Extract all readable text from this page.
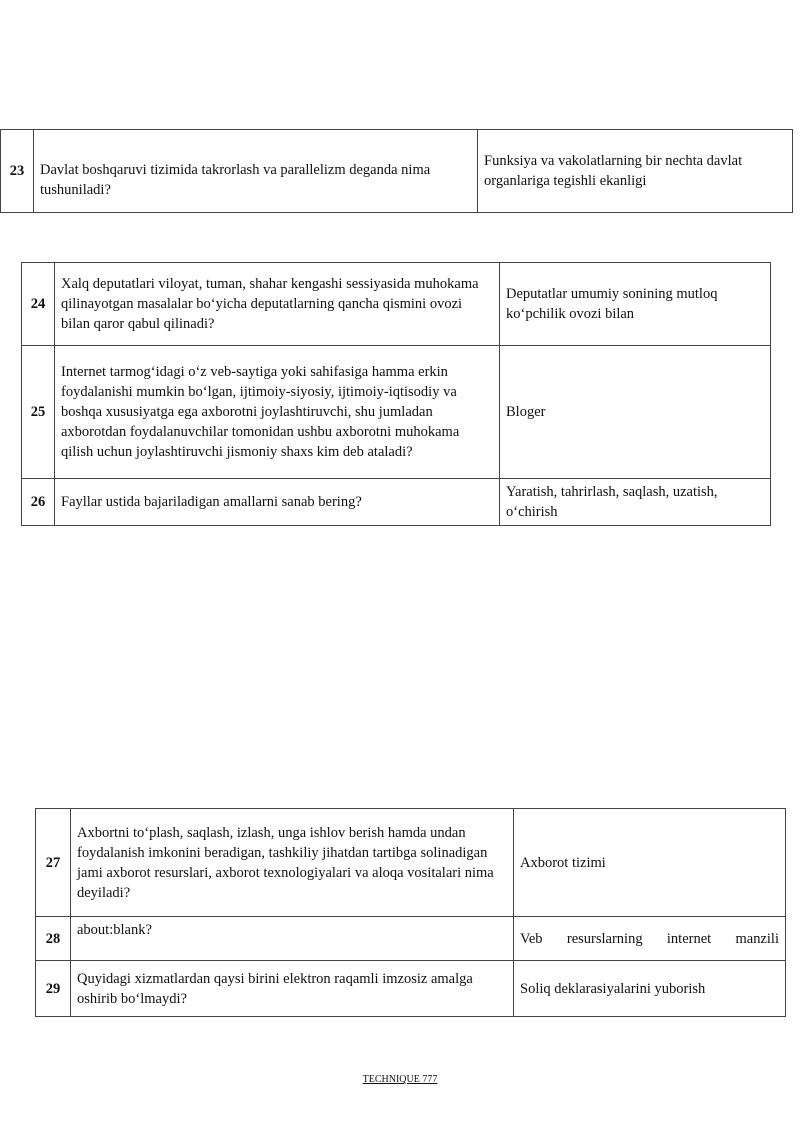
23	Davlat boshqaruvi tizimida takrorlash va parallelizm deganda nima tushuniladi?	Funksiya va vakolatlarning bir nechta davlat organlariga tegishli ekanligi
24	Xalq deputatlari viloyat, tuman, shahar kengashi sessiyasida muhokama qilinayotgan masalalar bo‘yicha deputatlarning qancha qismini ovozi bilan qaror qabul qilinadi?	Deputatlar umumiy sonining mutloq ko‘pchilik ovozi bilan
25	Internet tarmog‘idagi o‘z veb-saytiga yoki sahifasiga hamma erkin foydalanishi mumkin bo‘lgan, ijtimoiy-siyosiy, ijtimoiy-iqtisodiy va boshqa xususiyatga ega axborotni joylashtiruvchi, shu jumladan axborotdan foydalanuvchilar tomonidan ushbu axborotni muhokama qilish uchun joylashtiruvchi jismoniy shaxs kim deb ataladi?	Bloger
26	Fayllar ustida bajariladigan amallarni sanab bering?	Yaratish, tahrirlash, saqlash, uzatish, o‘chirish
27	Axbortni to‘plash, saqlash, izlash, unga ishlov berish hamda undan foydalanish imkonini beradigan, tashkiliy jihatdan tartibga solinadigan jami axborot resurslari, axborot texnologiyalari va aloqa vositalari nima deyiladi?	Axborot tizimi
28	about:blank?	Veb resurslarning internet manzili
29	Quyidagi xizmatlardan qaysi birini elektron raqamli imzosiz amalga oshirib bo‘lmaydi?	Soliq deklarasiyalarini yuborish
TECHNIQUE 777
